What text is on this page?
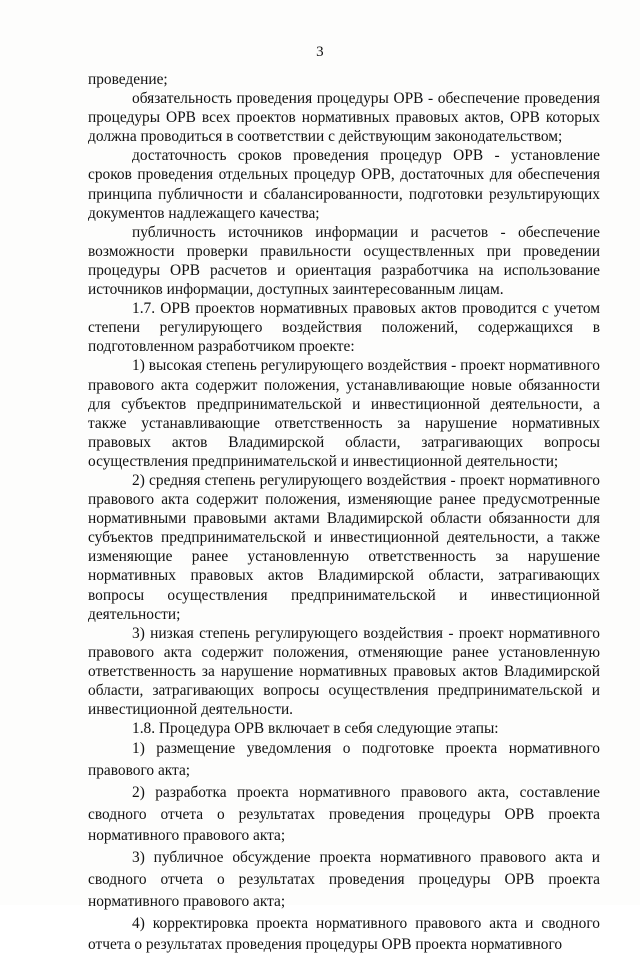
3

проведение;

обязательность проведения процедуры ОРВ - обеспечение проведения процедуры ОРВ всех проектов нормативных правовых актов, ОРВ которых должна проводиться в соответствии с действующим законодательством;

достаточность сроков проведения процедур ОРВ - установление сроков проведения отдельных процедур ОРВ, достаточных для обеспечения принципа публичности и сбалансированности, подготовки результирующих документов надлежащего качества;

публичность источников информации и расчетов - обеспечение возможности проверки правильности осуществленных при проведении процедуры ОРВ расчетов и ориентация разработчика на использование источников информации, доступных заинтересованным лицам.

1.7. ОРВ проектов нормативных правовых актов проводится с учетом степени регулирующего воздействия положений, содержащихся в подготовленном разработчиком проекте:

1) высокая степень регулирующего воздействия - проект нормативного правового акта содержит положения, устанавливающие новые обязанности для субъектов предпринимательской и инвестиционной деятельности, а также устанавливающие ответственность за нарушение нормативных правовых актов Владимирской области, затрагивающих вопросы осуществления предпринимательской и инвестиционной деятельности;

2) средняя степень регулирующего воздействия - проект нормативного правового акта содержит положения, изменяющие ранее предусмотренные нормативными правовыми актами Владимирской области обязанности для субъектов предпринимательской и инвестиционной деятельности, а также изменяющие ранее установленную ответственность за нарушение нормативных правовых актов Владимирской области, затрагивающих вопросы осуществления предпринимательской и инвестиционной деятельности;

3) низкая степень регулирующего воздействия - проект нормативного правового акта содержит положения, отменяющие ранее установленную ответственность за нарушение нормативных правовых актов Владимирской области, затрагивающих вопросы осуществления предпринимательской и инвестиционной деятельности.

1.8. Процедура ОРВ включает в себя следующие этапы:

1) размещение уведомления о подготовке проекта нормативного правового акта;

2) разработка проекта нормативного правового акта, составление сводного отчета о результатах проведения процедуры ОРВ проекта нормативного правового акта;

3) публичное обсуждение проекта нормативного правового акта и сводного отчета о результатах проведения процедуры ОРВ проекта нормативного правового акта;

4) корректировка проекта нормативного правового акта и сводного отчета о результатах проведения процедуры ОРВ проекта нормативного
